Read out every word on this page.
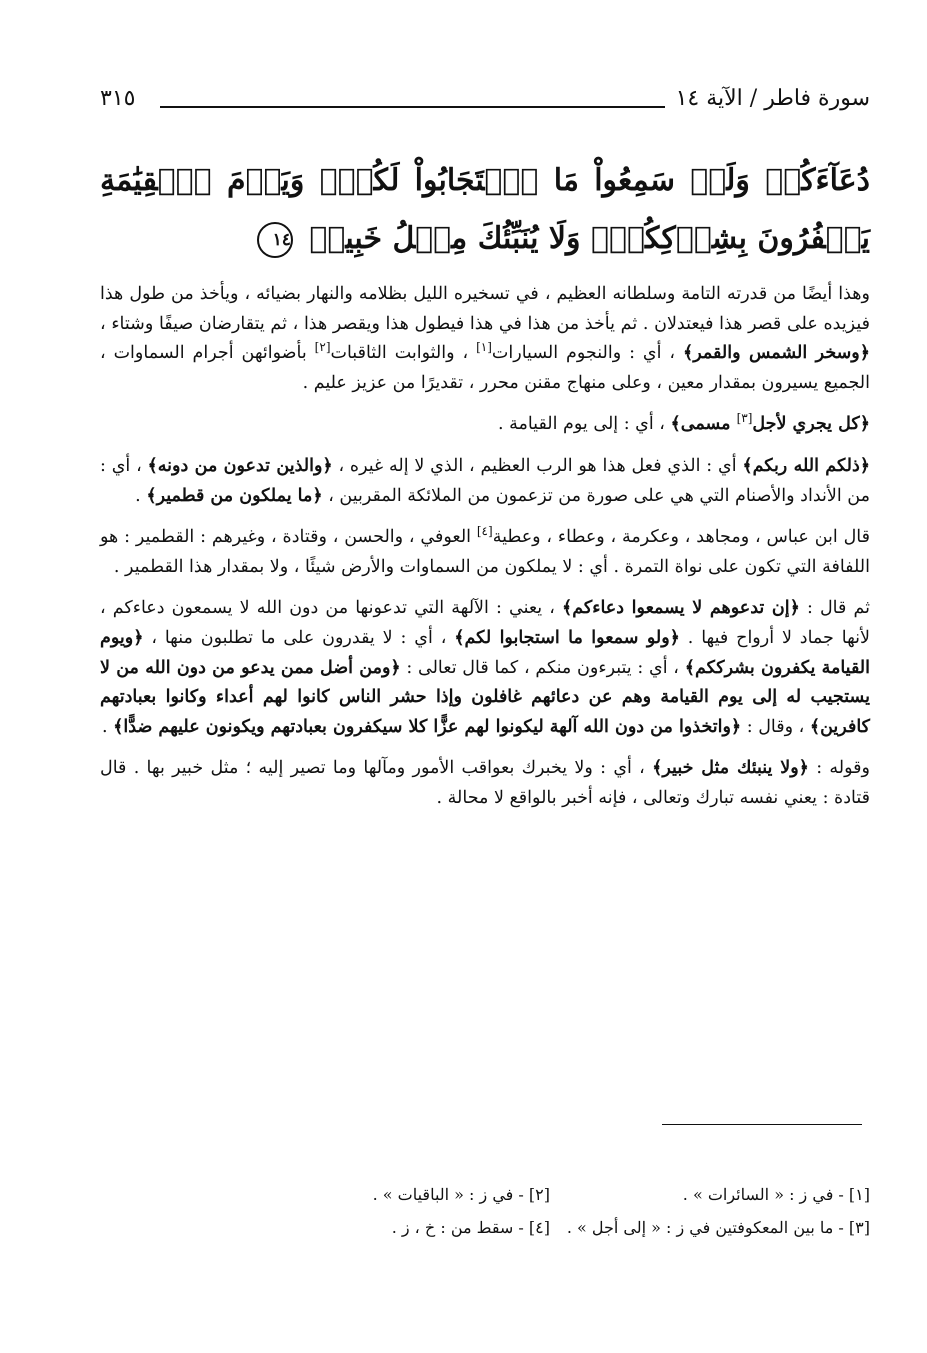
سورة فاطر / الآية ١٤
٣١٥
دُعَآءَكُمۡ وَلَوۡ سَمِعُواْ مَا ٱسۡتَجَابُواْ لَكُمۡۖ وَيَوۡمَ ٱلۡقِيَٰمَةِ يَكۡفُرُونَ بِشِرۡكِكُمۡۚ وَلَا يُنَبِّئُكَ مِثۡلُ خَبِيرٖ ١٤

وهذا أيضًا من قدرته التامة وسلطانه العظيم ، في تسخيره الليل بظلامه والنهار بضيائه ، ويأخذ من طول هذا فيزيده على قصر هذا فيعتدلان . ثم يأخذ من هذا في هذا فيطول هذا ويقصر هذا ، ثم يتقارضان صيفًا وشتاء ، ﴿وسخر الشمس والقمر﴾ ، أي : والنجوم السيارات[١] ، والثوابت الثاقبات[٢] بأضوائهن أجرام السماوات ، الجميع يسيرون بمقدار معين ، وعلى منهاج مقنن محرر ، تقديرًا من عزيز عليم .

﴿كل يجري لأجل[٣] مسمى﴾ ، أي : إلى يوم القيامة .

﴿ذلكم الله ربكم﴾ أي : الذي فعل هذا هو الرب العظيم ، الذي لا إله غيره ، ﴿والذين تدعون من دونه﴾ ، أي : من الأنداد والأصنام التي هي على صورة من تزعمون من الملائكة المقربين ، ﴿ما يملكون من قطمير﴾ .

قال ابن عباس ، ومجاهد ، وعكرمة ، وعطاء ، وعطية[٤] العوفي ، والحسن ، وقتادة ، وغيرهم : القطمير : هو اللفافة التي تكون على نواة التمرة . أي : لا يملكون من السماوات والأرض شيئًا ، ولا بمقدار هذا القطمير .

ثم قال : ﴿إن تدعوهم لا يسمعوا دعاءكم﴾ ، يعني : الآلهة التي تدعونها من دون الله لا يسمعون دعاءكم ، لأنها جماد لا أرواح فيها . ﴿ولو سمعوا ما استجابوا لكم﴾ ، أي : لا يقدرون على ما تطلبون منها ، ﴿ويوم القيامة يكفرون بشرككم﴾ ، أي : يتبرءون منكم ، كما قال تعالى : ﴿ومن أضل ممن يدعو من دون الله من لا يستجيب له إلى يوم القيامة وهم عن دعائهم غافلون وإذا حشر الناس كانوا لهم أعداء وكانوا بعبادتهم كافرين﴾ ، وقال : ﴿واتخذوا من دون الله آلهة ليكونوا لهم عزًّا كلا سيكفرون بعبادتهم ويكونون عليهم ضدًّا﴾ .

وقوله : ﴿ولا ينبئك مثل خبير﴾ ، أي : ولا يخبرك بعواقب الأمور ومآلها وما تصير إليه ؛ مثل خبير بها . قال قتادة : يعني نفسه تبارك وتعالى ، فإنه أخبر بالواقع لا محالة .

[١] - في ز : « السائرات » .
[٢] - في ز : « الباقيات » .
[٣] - ما بين المعكوفتين في ز : « إلى أجل » .
[٤] - سقط من : خ ، ز .
